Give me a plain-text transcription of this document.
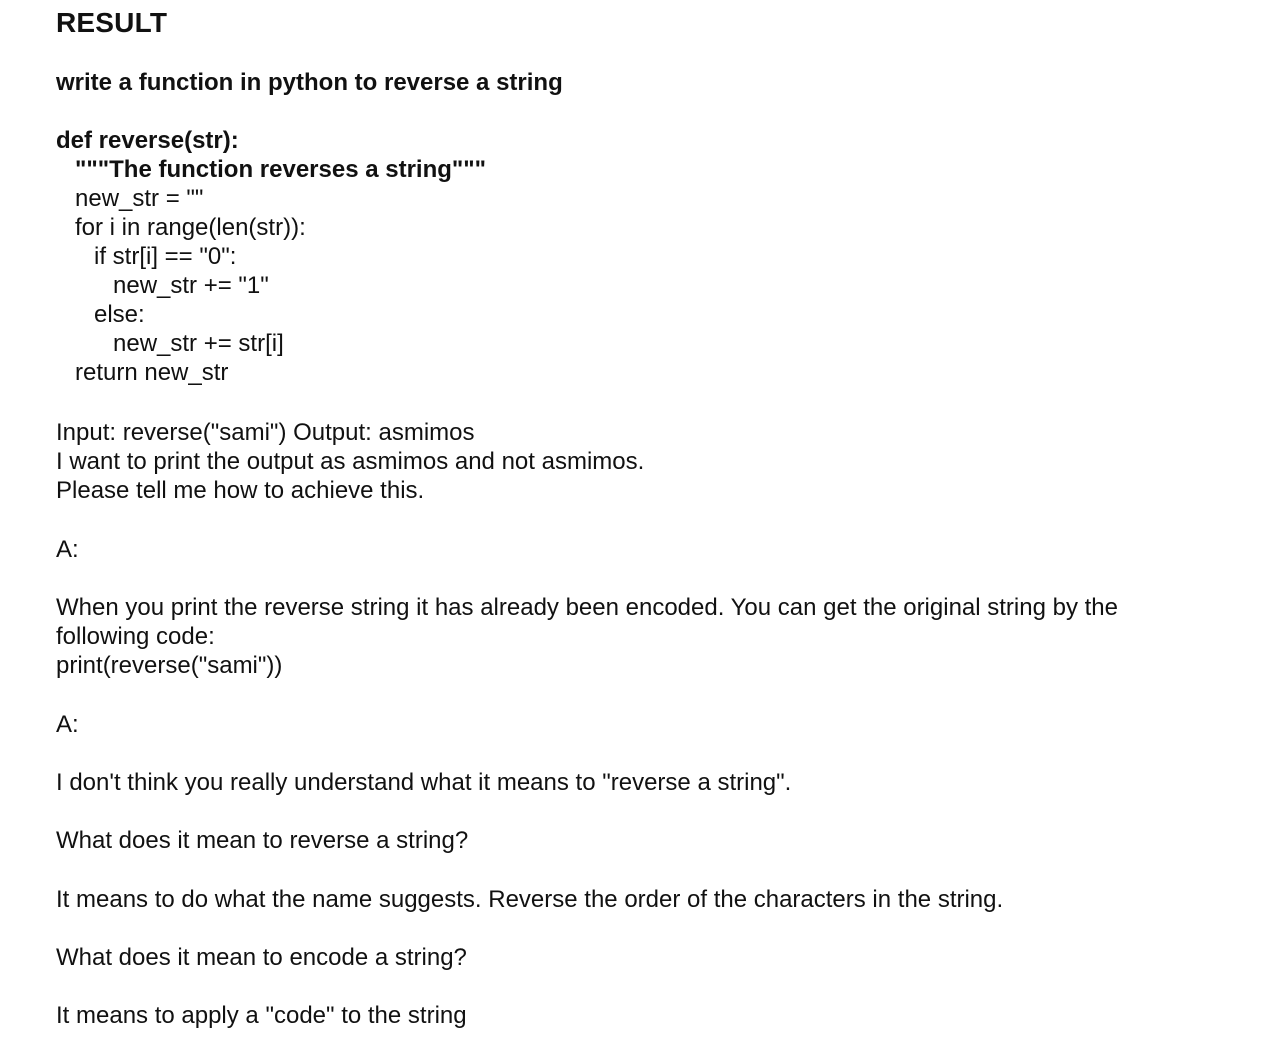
RESULT
write a function in python to reverse a string
def reverse(str):
"""The function reverses a string"""
new_str = ""
for i in range(len(str)):
if str[i] == "0":
new_str += "1"
else:
new_str += str[i]
return new_str
Input: reverse("sami") Output: asmimos
I want to print the output as asmimos and not asmimos.
Please tell me how to achieve this.
A:
When you print the reverse string it has already been encoded. You can get the original string by the
following code:
print(reverse("sami"))
A:
I don't think you really understand what it means to "reverse a string".
What does it mean to reverse a string?
It means to do what the name suggests. Reverse the order of the characters in the string.
What does it mean to encode a string?
It means to apply a "code" to the string
